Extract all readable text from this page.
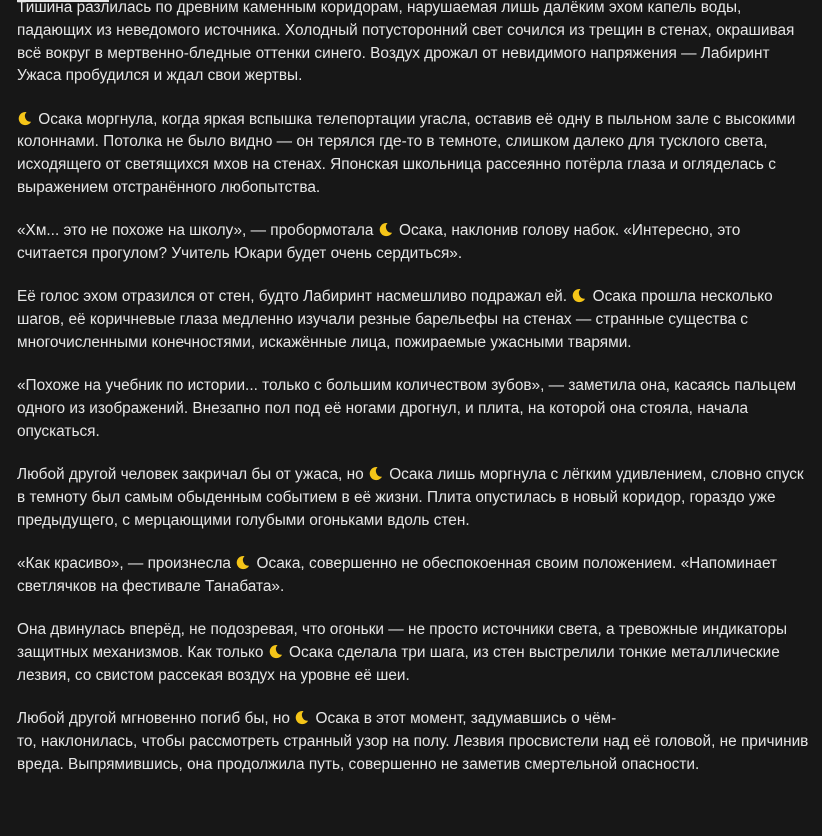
Тишина разлилась по древним каменным коридорам, нарушаемая лишь далёким эхом капель воды, падающих из неведомого источника. Холодный потусторонний свет сочился из трещин в стенах, окрашивая всё вокруг в мертвенно-бледные оттенки синего. Воздух дрожал от невидимого напряжения — Лабиринт Ужаса пробудился и ждал свои жертвы.

Осака моргнула, когда яркая вспышка телепортации угасла, оставив её одну в пыльном зале с высокими колоннами. Потолка не было видно — он терялся где-то в темноте, слишком далеко для тусклого света, исходящего от светящихся мхов на стенах. Японская школьница рассеянно потёрла глаза и огляделась с выражением отстранённого любопытства.

«Хм... это не похоже на школу», — пробормотала  Осака, наклонив голову набок. «Интересно, это считается прогулом? Учитель Юкари будет очень сердиться».

Её голос эхом отразился от стен, будто Лабиринт насмешливо подражал ей.  Осака прошла несколько шагов, её коричневые глаза медленно изучали резные барельефы на стенах — странные существа с многочисленными конечностями, искажённые лица, пожираемые ужасными тварями.

«Похоже на учебник по истории... только с большим количеством зубов», — заметила она, касаясь пальцем одного из изображений. Внезапно пол под её ногами дрогнул, и плита, на которой она стояла, начала опускаться.

Любой другой человек закричал бы от ужаса, но  Осака лишь моргнула с лёгким удивлением, словно спуск в темноту был самым обыденным событием в её жизни. Плита опустилась в новый коридор, гораздо уже предыдущего, с мерцающими голубыми огоньками вдоль стен.

«Как красиво», — произнесла  Осака, совершенно не обеспокоенная своим положением. «Напоминает светлячков на фестивале Танабата».

Она двинулась вперёд, не подозревая, что огоньки — не просто источники света, а тревожные индикаторы защитных механизмов. Как только  Осака сделала три шага, из стен выстрелили тонкие металлические лезвия, со свистом рассекая воздух на уровне её шеи.

Любой другой мгновенно погиб бы, но  Осака в этот момент, задумавшись о чём-
то, наклонилась, чтобы рассмотреть странный узор на полу. Лезвия просвистели над её головой, не причинив вреда. Выпрямившись, она продолжила путь, совершенно не заметив смертельной опасности.
